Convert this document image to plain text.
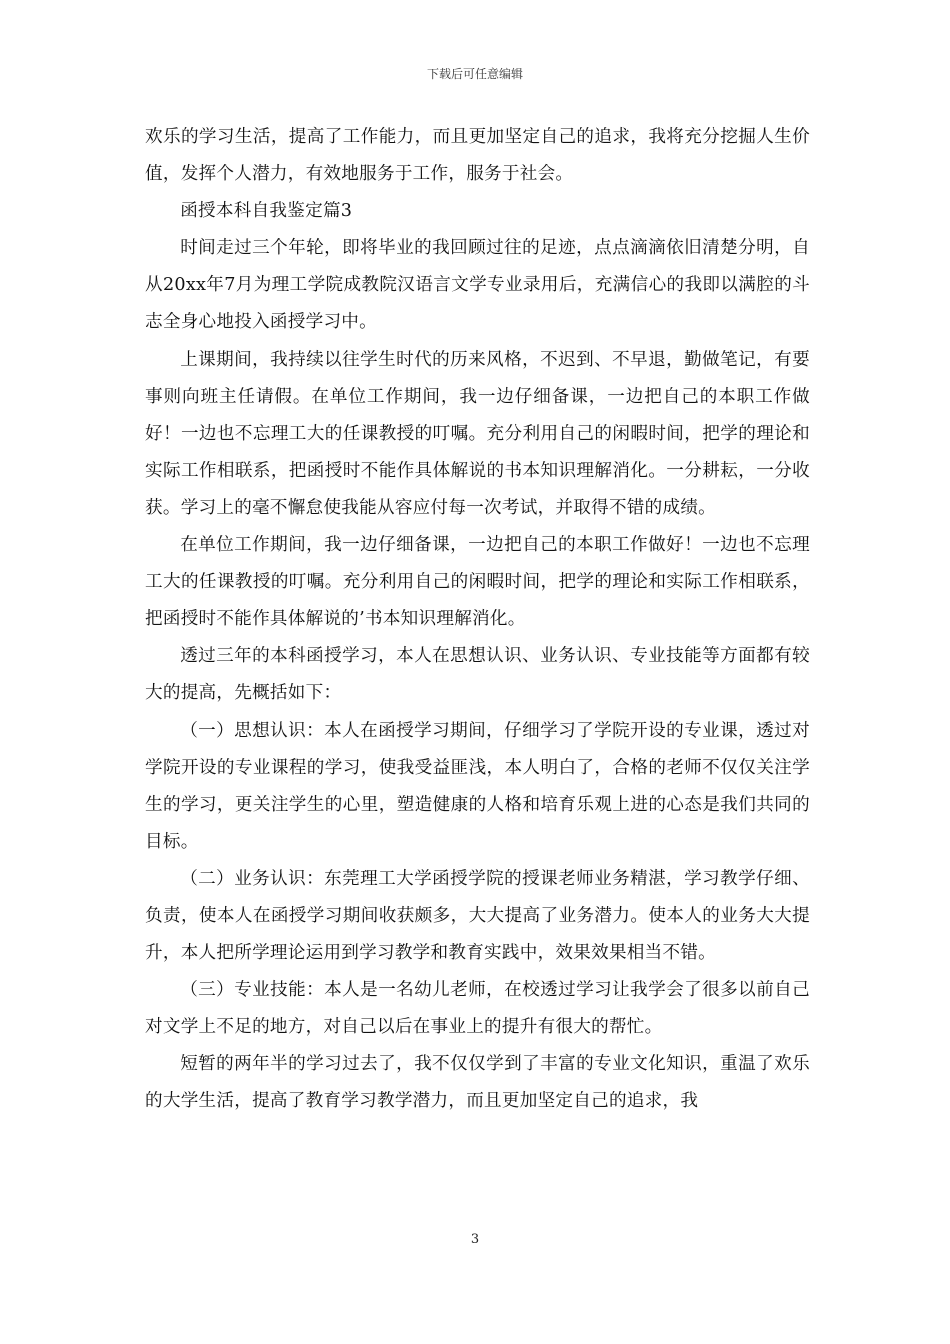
下载后可任意编辑

欢乐的学习生活，提高了工作能力，而且更加坚定自己的追求，我将充分挖掘人生价值，发挥个人潜力，有效地服务于工作，服务于社会。

函授本科自我鉴定篇3

时间走过三个年轮，即将毕业的我回顾过往的足迹，点点滴滴依旧清楚分明，自从20xx年7月为理工学院成教院汉语言文学专业录用后，充满信心的我即以满腔的斗志全身心地投入函授学习中。

上课期间，我持续以往学生时代的历来风格，不迟到、不早退，勤做笔记，有要事则向班主任请假。在单位工作期间，我一边仔细备课，一边把自己的本职工作做好！一边也不忘理工大的任课教授的叮嘱。充分利用自己的闲暇时间，把学的理论和实际工作相联系，把函授时不能作具体解说的书本知识理解消化。一分耕耘，一分收获。学习上的毫不懈怠使我能从容应付每一次考试，并取得不错的成绩。

在单位工作期间，我一边仔细备课，一边把自己的本职工作做好！一边也不忘理工大的任课教授的叮嘱。充分利用自己的闲暇时间，把学的理论和实际工作相联系，把函授时不能作具体解说的’书本知识理解消化。

透过三年的本科函授学习，本人在思想认识、业务认识、专业技能等方面都有较大的提高，先概括如下：

（一）思想认识：本人在函授学习期间，仔细学习了学院开设的专业课，透过对学院开设的专业课程的学习，使我受益匪浅，本人明白了，合格的老师不仅仅关注学生的学习，更关注学生的心里，塑造健康的人格和培育乐观上进的心态是我们共同的目标。

（二）业务认识：东莞理工大学函授学院的授课老师业务精湛，学习教学仔细、负责，使本人在函授学习期间收获颇多，大大提高了业务潜力。使本人的业务大大提升，本人把所学理论运用到学习教学和教育实践中，效果效果相当不错。

（三）专业技能：本人是一名幼儿老师，在校透过学习让我学会了很多以前自己对文学上不足的地方，对自己以后在事业上的提升有很大的帮忙。

短暂的两年半的学习过去了，我不仅仅学到了丰富的专业文化知识，重温了欢乐的大学生活，提高了教育学习教学潜力，而且更加坚定自己的追求，我

3
